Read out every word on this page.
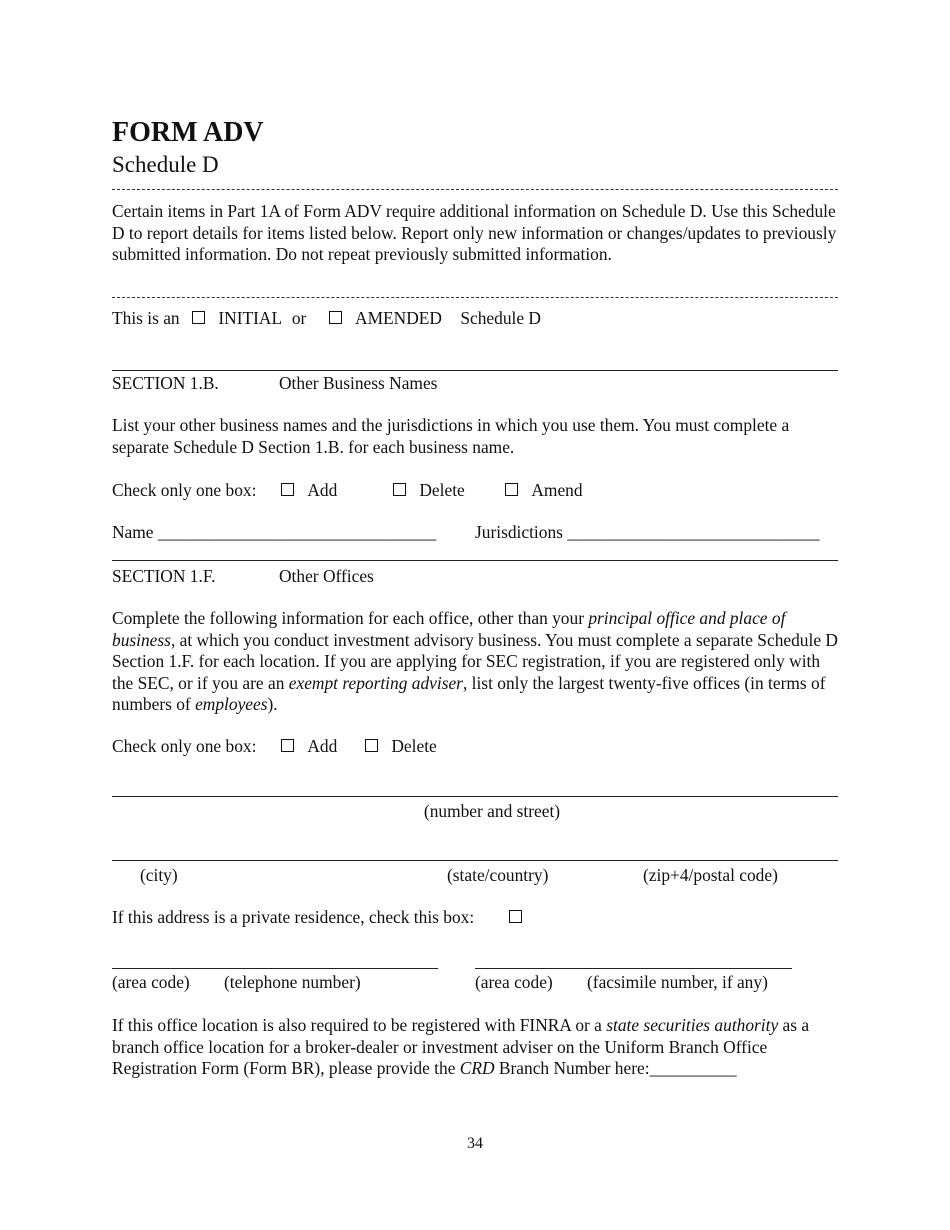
FORM ADV
Schedule D
Certain items in Part 1A of Form ADV require additional information on Schedule D. Use this Schedule D to report details for items listed below. Report only new information or changes/updates to previously submitted information. Do not repeat previously submitted information.
This is an INITIAL or	AMENDED Schedule D
SECTION 1.B.	Other Business Names
List your other business names and the jurisdictions in which you use them. You must complete a separate Schedule D Section 1.B. for each business name.
Check only one box:	Add	Delete	Amend
Name ________________________________ Jurisdictions _____________________________
SECTION 1.F.	Other Offices
Complete the following information for each office, other than your principal office and place of business, at which you conduct investment advisory business. You must complete a separate Schedule D Section 1.F. for each location. If you are applying for SEC registration, if you are registered only with the SEC, or if you are an exempt reporting adviser, list only the largest twenty-five offices (in terms of numbers of employees).
Check only one box:	Add	Delete
(number and street)
(city)	(state/country)	(zip+4/postal code)
If this address is a private residence, check this box:
(area code) (telephone number)	(area code) (facsimile number, if any)
If this office location is also required to be registered with FINRA or a state securities authority as a branch office location for a broker-dealer or investment adviser on the Uniform Branch Office Registration Form (Form BR), please provide the CRD Branch Number here:__________
34
